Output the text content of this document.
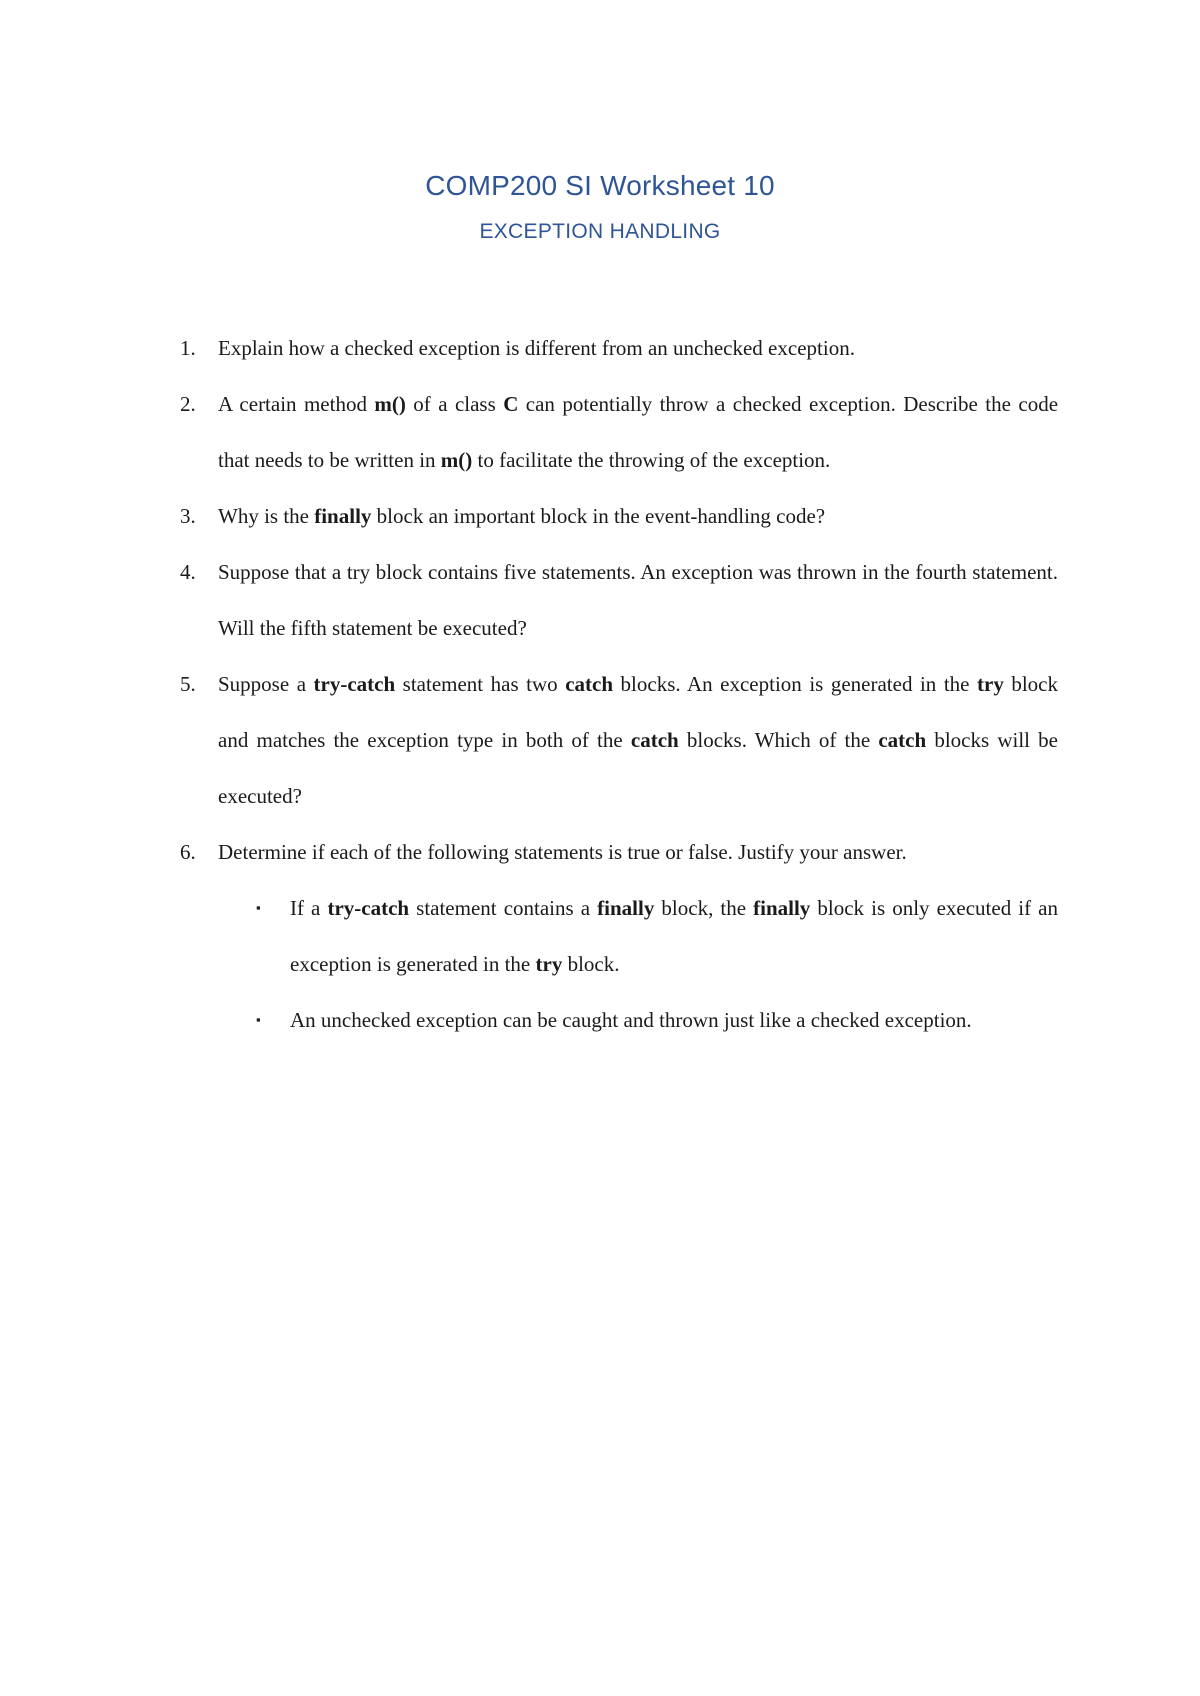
COMP200 SI Worksheet 10
EXCEPTION HANDLING
1. Explain how a checked exception is different from an unchecked exception.
2. A certain method m() of a class C can potentially throw a checked exception. Describe the code that needs to be written in m() to facilitate the throwing of the exception.
3. Why is the finally block an important block in the event-handling code?
4. Suppose that a try block contains five statements. An exception was thrown in the fourth statement. Will the fifth statement be executed?
5. Suppose a try-catch statement has two catch blocks. An exception is generated in the try block and matches the exception type in both of the catch blocks. Which of the catch blocks will be executed?
6. Determine if each of the following statements is true or false. Justify your answer.
▪ If a try-catch statement contains a finally block, the finally block is only executed if an exception is generated in the try block.
▪ An unchecked exception can be caught and thrown just like a checked exception.
